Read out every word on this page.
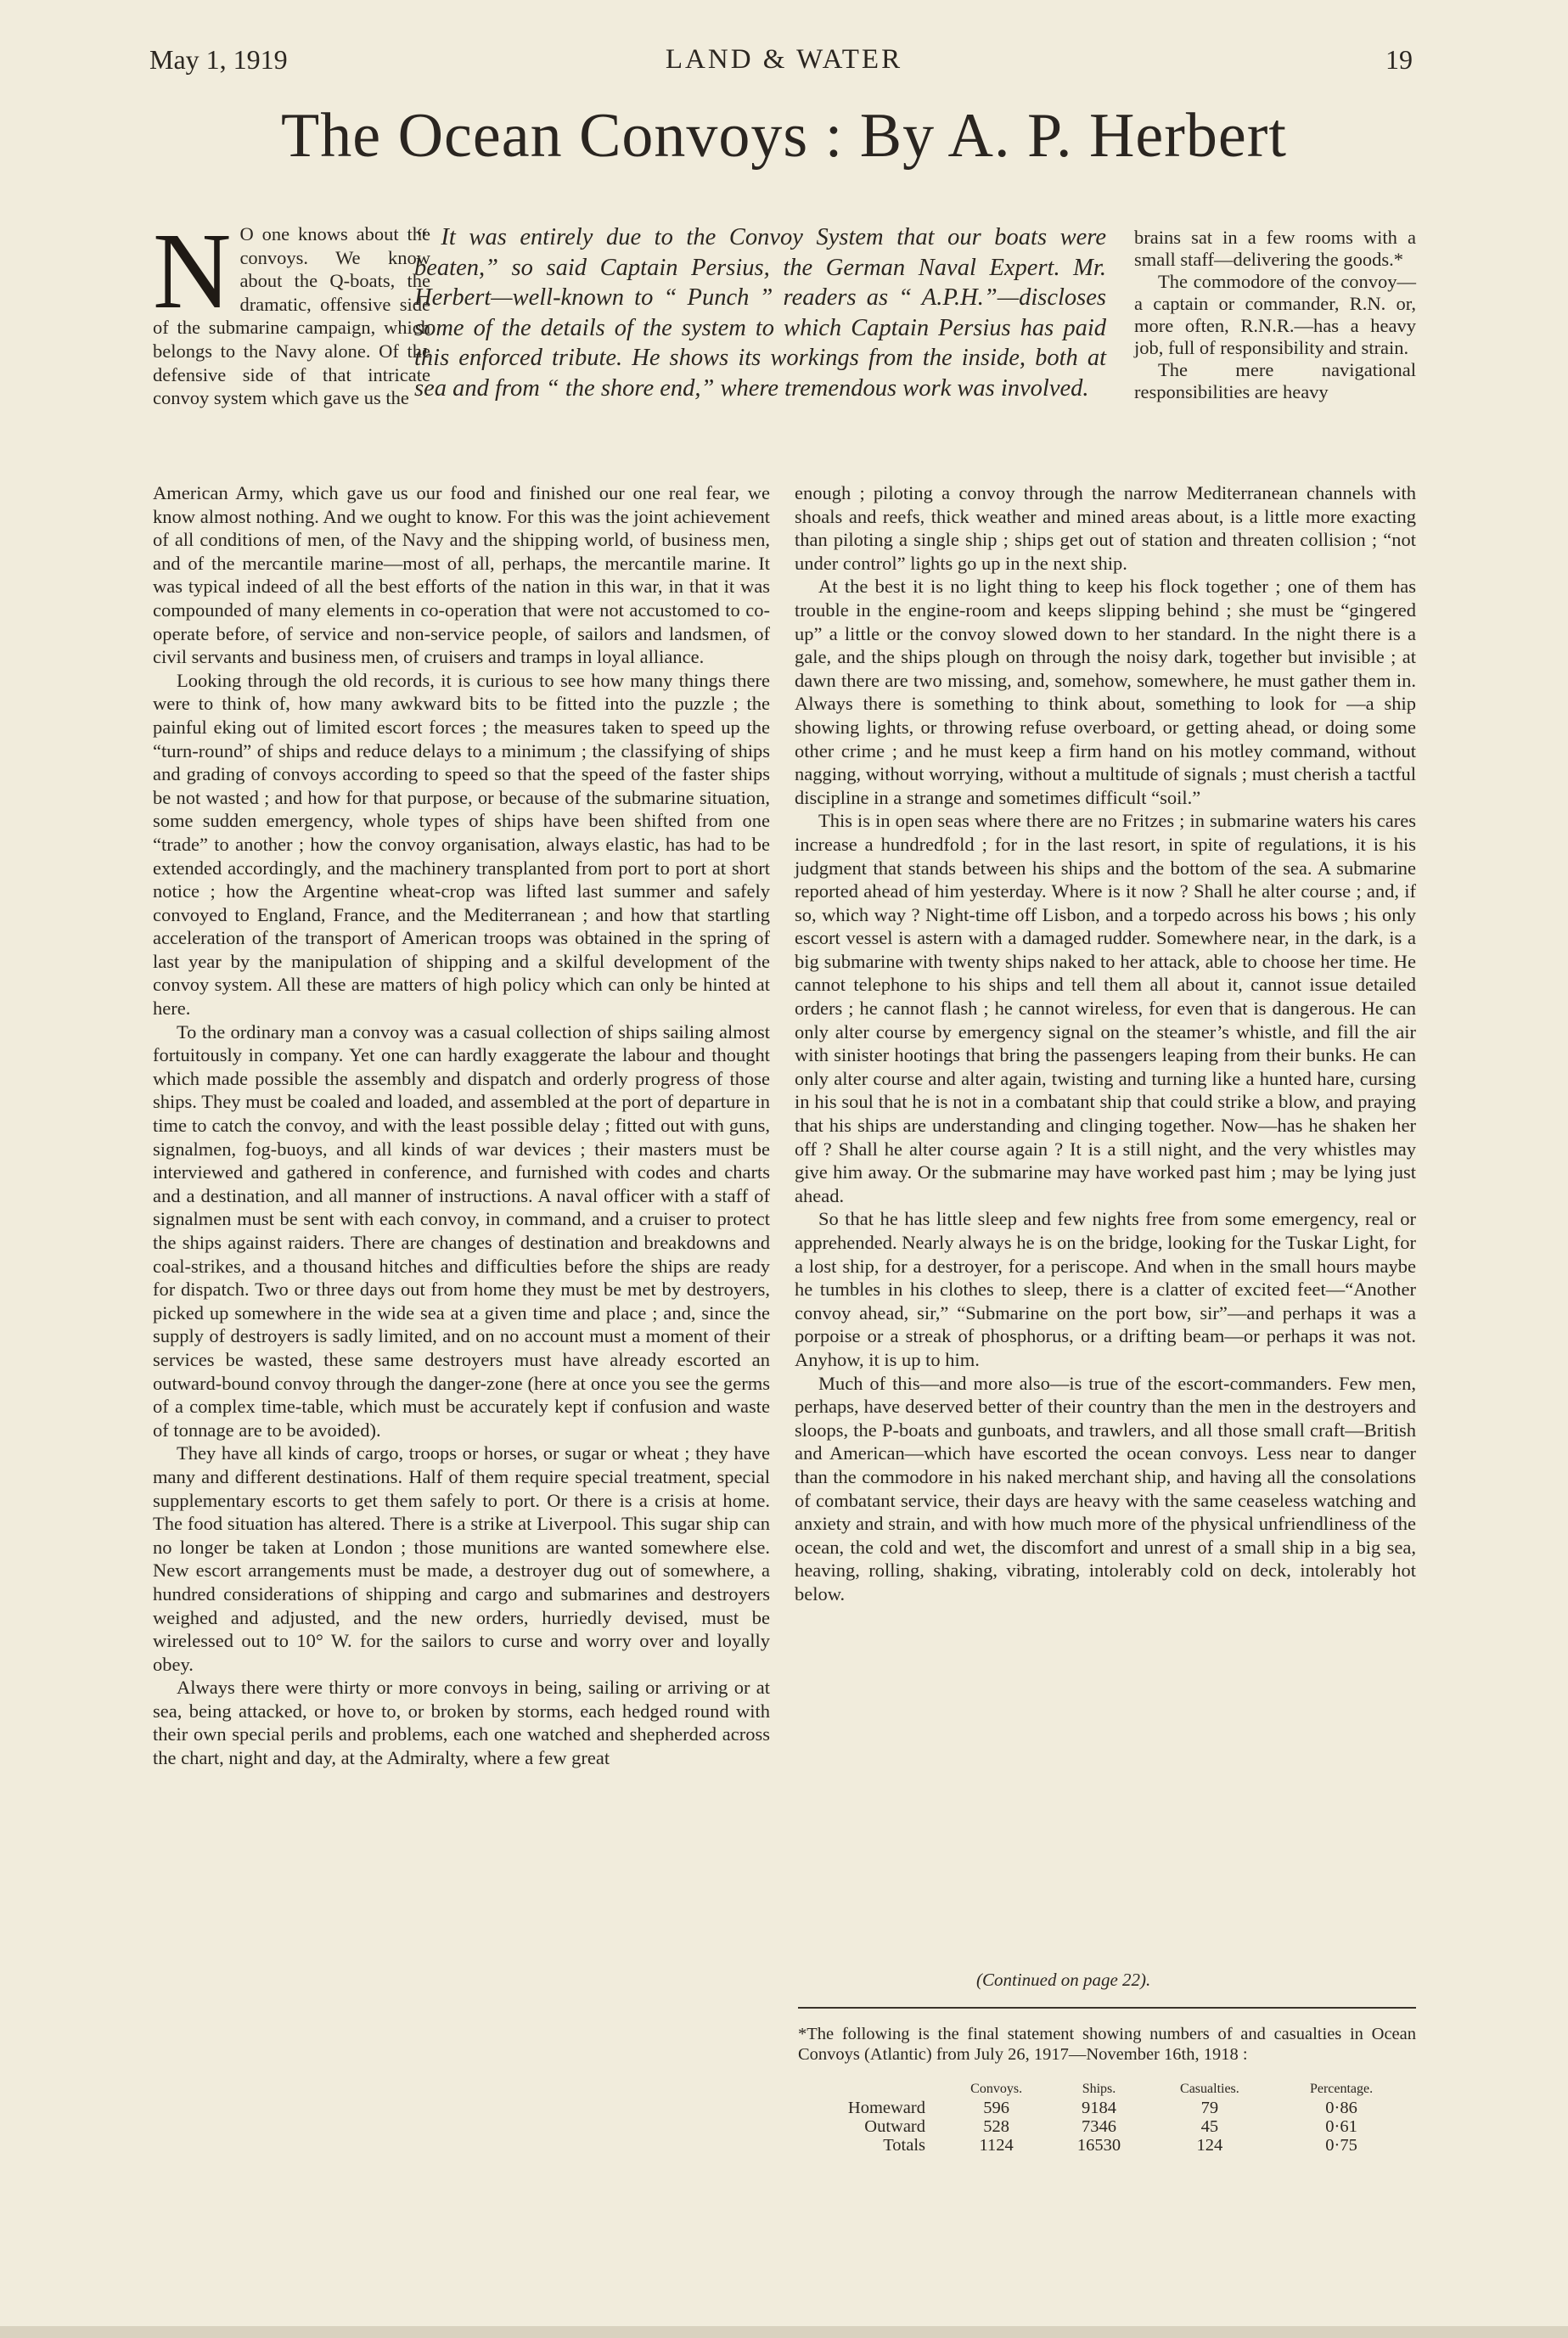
May 1, 1919	LAND & WATER	19
The Ocean Convoys : By A. P. Herbert
N O one knows about the convoys. We know about the Q-boats, the dramatic, offensive side of the submarine campaign, which belongs to the Navy alone. Of the defensive side of that intricate convoy system which gave us the
“ It was entirely due to the Convoy System that our boats were beaten,” so said Captain Persius, the German Naval Expert. Mr. Herbert—well-known to “ Punch ” readers as “ A.P.H.”—discloses some of the details of the system to which Captain Persius has paid this enforced tribute. He shows its workings from the inside, both at sea and from “ the shore end,” where tremendous work was involved.

brains sat in a few rooms with a small staff—delivering the goods.*

The commodore of the convoy—a captain or commander, R.N. or, more often, R.N.R.—has a heavy job, full of responsibility and strain.

The mere navigational responsibilities are heavy

American Army, which gave us our food and finished our one real fear, we know almost nothing. And we ought to know. For this was the joint achievement of all conditions of men, of the Navy and the shipping world, of business men, and of the mercantile marine—most of all, perhaps, the mercantile marine. It was typical indeed of all the best efforts of the nation in this war, in that it was compounded of many elements in co-operation that were not accustomed to co-operate before, of service and non-service people, of sailors and landsmen, of civil servants and business men, of cruisers and tramps in loyal alliance.

Looking through the old records, it is curious to see how many things there were to think of, how many awkward bits to be fitted into the puzzle ; the painful eking out of limited escort forces ; the measures taken to speed up the “turn-round” of ships and reduce delays to a minimum ; the classifying of ships and grading of convoys according to speed so that the speed of the faster ships be not wasted ; and how for that purpose, or because of the submarine situation, some sudden emergency, whole types of ships have been shifted from one “trade” to another ; how the convoy organisation, always elastic, has had to be extended accordingly, and the machinery transplanted from port to port at short notice ; how the Argentine wheat-crop was lifted last summer and safely convoyed to England, France, and the Mediterranean ; and how that startling acceleration of the transport of American troops was obtained in the spring of last year by the manipulation of shipping and a skilful development of the convoy system. All these are matters of high policy which can only be hinted at here.

To the ordinary man a convoy was a casual collection of ships sailing almost fortuitously in company. Yet one can hardly exaggerate the labour and thought which made possible the assembly and dispatch and orderly progress of those ships. They must be coaled and loaded, and assembled at the port of departure in time to catch the convoy, and with the least possible delay ; fitted out with guns, signalmen, fog-buoys, and all kinds of war devices ; their masters must be interviewed and gathered in conference, and furnished with codes and charts and a destination, and all manner of instructions. A naval officer with a staff of signalmen must be sent with each convoy, in command, and a cruiser to protect the ships against raiders. There are changes of destination and breakdowns and coal-strikes, and a thousand hitches and difficulties before the ships are ready for dispatch. Two or three days out from home they must be met by destroyers, picked up somewhere in the wide sea at a given time and place ; and, since the supply of destroyers is sadly limited, and on no account must a moment of their services be wasted, these same destroyers must have already escorted an outward-bound convoy through the danger-zone (here at once you see the germs of a complex time-table, which must be accurately kept if confusion and waste of tonnage are to be avoided).

They have all kinds of cargo, troops or horses, or sugar or wheat ; they have many and different destinations. Half of them require special treatment, special supplementary escorts to get them safely to port. Or there is a crisis at home. The food situation has altered. There is a strike at Liverpool. This sugar ship can no longer be taken at London ; those munitions are wanted somewhere else. New escort arrangements must be made, a destroyer dug out of somewhere, a hundred considerations of shipping and cargo and submarines and destroyers weighed and adjusted, and the new orders, hurriedly devised, must be wirelessed out to 10° W. for the sailors to curse and worry over and loyally obey.

Always there were thirty or more convoys in being, sailing or arriving or at sea, being attacked, or hove to, or broken by storms, each hedged round with their own special perils and problems, each one watched and shepherded across the chart, night and day, at the Admiralty, where a few great

enough ; piloting a convoy through the narrow Mediterranean channels with shoals and reefs, thick weather and mined areas about, is a little more exacting than piloting a single ship ; ships get out of station and threaten collision ; “not under control” lights go up in the next ship.

At the best it is no light thing to keep his flock together ; one of them has trouble in the engine-room and keeps slipping behind ; she must be “gingered up” a little or the convoy slowed down to her standard. In the night there is a gale, and the ships plough on through the noisy dark, together but invisible ; at dawn there are two missing, and, somehow, somewhere, he must gather them in. Always there is something to think about, something to look for —a ship showing lights, or throwing refuse overboard, or getting ahead, or doing some other crime ; and he must keep a firm hand on his motley command, without nagging, without worrying, without a multitude of signals ; must cherish a tactful discipline in a strange and sometimes difficult “soil.”

This is in open seas where there are no Fritzes ; in submarine waters his cares increase a hundredfold ; for in the last resort, in spite of regulations, it is his judgment that stands between his ships and the bottom of the sea. A submarine reported ahead of him yesterday. Where is it now ? Shall he alter course ; and, if so, which way ? Night-time off Lisbon, and a torpedo across his bows ; his only escort vessel is astern with a damaged rudder. Somewhere near, in the dark, is a big submarine with twenty ships naked to her attack, able to choose her time. He cannot telephone to his ships and tell them all about it, cannot issue detailed orders ; he cannot flash ; he cannot wireless, for even that is dangerous. He can only alter course by emergency signal on the steamer’s whistle, and fill the air with sinister hootings that bring the passengers leaping from their bunks. He can only alter course and alter again, twisting and turning like a hunted hare, cursing in his soul that he is not in a combatant ship that could strike a blow, and praying that his ships are understanding and clinging together. Now—has he shaken her off ? Shall he alter course again ? It is a still night, and the very whistles may give him away. Or the submarine may have worked past him ; may be lying just ahead.

So that he has little sleep and few nights free from some emergency, real or apprehended. Nearly always he is on the bridge, looking for the Tuskar Light, for a lost ship, for a destroyer, for a periscope. And when in the small hours maybe he tumbles in his clothes to sleep, there is a clatter of excited feet—“Another convoy ahead, sir,” “Submarine on the port bow, sir”—and perhaps it was a porpoise or a streak of phosphorus, or a drifting beam—or perhaps it was not. Anyhow, it is up to him.

Much of this—and more also—is true of the escort-commanders. Few men, perhaps, have deserved better of their country than the men in the destroyers and sloops, the P-boats and gunboats, and trawlers, and all those small craft—British and American—which have escorted the ocean convoys. Less near to danger than the commodore in his naked merchant ship, and having all the consolations of combatant service, their days are heavy with the same ceaseless watching and anxiety and strain, and with how much more of the physical unfriendliness of the ocean, the cold and wet, the discomfort and unrest of a small ship in a big sea, heaving, rolling, shaking, vibrating, intolerably cold on deck, intolerably hot below.

(Continued on page 22).
*The following is the final statement showing numbers of and casualties in Ocean Convoys (Atlantic) from July 26, 1917—November 16th, 1918 :
	Convoys.	Ships.	Casualties.	Percentage.
Homeward	596	9184	79	0·86
Outward	528	7346	45	0·61
Totals	1124	16530	124	0·75
